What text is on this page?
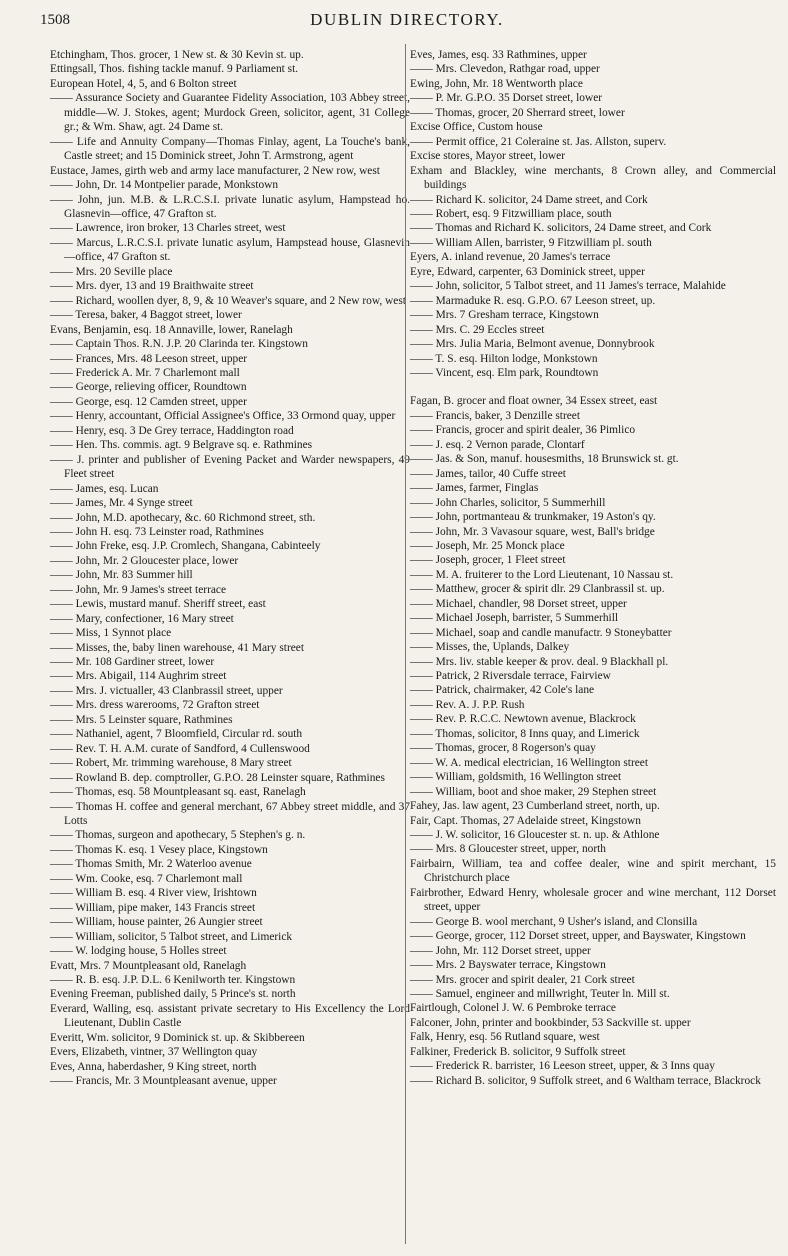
1508	DUBLIN DIRECTORY.

Etchingham, Thos. grocer, 1 New st. & 30 Kevin st. up.

Ettingsall, Thos. fishing tackle manuf. 9 Parliament st.

European Hotel, 4, 5, and 6 Bolton street

—— Assurance Society and Guarantee Fidelity Association, 103 Abbey street, middle—W. J. Stokes, agent; Murdock Green, solicitor, agent, 31 College gr.; & Wm. Shaw, agt. 24 Dame st.

—— Life and Annuity Company—Thomas Finlay, agent, La Touche's bank, Castle street; and 15 Dominick street, John T. Armstrong, agent

Eustace, James, girth web and army lace manufacturer, 2 New row, west

—— John, Dr. 14 Montpelier parade, Monkstown

—— John, jun. M.B. & L.R.C.S.I. private lunatic asylum, Hampstead ho. Glasnevin—office, 47 Grafton st.

—— Lawrence, iron broker, 13 Charles street, west

—— Marcus, L.R.C.S.I. private lunatic asylum, Hampstead house, Glasnevin—office, 47 Grafton st.

—— Mrs. 20 Seville place

—— Mrs. dyer, 13 and 19 Braithwaite street

—— Richard, woollen dyer, 8, 9, & 10 Weaver's square, and 2 New row, west

—— Teresa, baker, 4 Baggot street, lower

Evans, Benjamin, esq. 18 Annaville, lower, Ranelagh

—— Captain Thos. R.N. J.P. 20 Clarinda ter. Kingstown

—— Frances, Mrs. 48 Leeson street, upper

—— Frederick A. Mr. 7 Charlemont mall

—— George, relieving officer, Roundtown

—— George, esq. 12 Camden street, upper

—— Henry, accountant, Official Assignee's Office, 33 Ormond quay, upper

—— Henry, esq. 3 De Grey terrace, Haddington road

—— Hen. Ths. commis. agt. 9 Belgrave sq. e. Rathmines

—— J. printer and publisher of Evening Packet and Warder newspapers, 49 Fleet street

—— James, esq. Lucan

—— James, Mr. 4 Synge street

—— John, M.D. apothecary, &c. 60 Richmond street, sth.

—— John H. esq. 73 Leinster road, Rathmines

—— John Freke, esq. J.P. Cromlech, Shangana, Cabinteely

—— John, Mr. 2 Gloucester place, lower

—— John, Mr. 83 Summer hill

—— John, Mr. 9 James's street terrace

—— Lewis, mustard manuf. Sheriff street, east

—— Mary, confectioner, 16 Mary street

—— Miss, 1 Synnot place

—— Misses, the, baby linen warehouse, 41 Mary street

—— Mr. 108 Gardiner street, lower

—— Mrs. Abigail, 114 Aughrim street

—— Mrs. J. victualler, 43 Clanbrassil street, upper

—— Mrs. dress warerooms, 72 Grafton street

—— Mrs. 5 Leinster square, Rathmines

—— Nathaniel, agent, 7 Bloomfield, Circular rd. south

—— Rev. T. H. A.M. curate of Sandford, 4 Cullenswood

—— Robert, Mr. trimming warehouse, 8 Mary street

—— Rowland B. dep. comptroller, G.P.O. 28 Leinster square, Rathmines

—— Thomas, esq. 58 Mountpleasant sq. east, Ranelagh

—— Thomas H. coffee and general merchant, 67 Abbey street middle, and 37 Lotts

—— Thomas, surgeon and apothecary, 5 Stephen's g. n.

—— Thomas K. esq. 1 Vesey place, Kingstown

—— Thomas Smith, Mr. 2 Waterloo avenue

—— Wm. Cooke, esq. 7 Charlemont mall

—— William B. esq. 4 River view, Irishtown

—— William, pipe maker, 143 Francis street

—— William, house painter, 26 Aungier street

—— William, solicitor, 5 Talbot street, and Limerick

—— W. lodging house, 5 Holles street

Evatt, Mrs. 7 Mountpleasant old, Ranelagh

—— R. B. esq. J.P. D.L. 6 Kenilworth ter. Kingstown

Evening Freeman, published daily, 5 Prince's st. north

Everard, Walling, esq. assistant private secretary to His Excellency the Lord Lieutenant, Dublin Castle

Everitt, Wm. solicitor, 9 Dominick st. up. & Skibbereen

Evers, Elizabeth, vintner, 37 Wellington quay

Eves, Anna, haberdasher, 9 King street, north

—— Francis, Mr. 3 Mountpleasant avenue, upper

Eves, James, esq. 33 Rathmines, upper

—— Mrs. Clevedon, Rathgar road, upper

Ewing, John, Mr. 18 Wentworth place

—— P. Mr. G.P.O. 35 Dorset street, lower

—— Thomas, grocer, 20 Sherrard street, lower

Excise Office, Custom house

—— Permit office, 21 Coleraine st. Jas. Allston, superv.

Excise stores, Mayor street, lower

Exham and Blackley, wine merchants, 8 Crown alley, and Commercial buildings

—— Richard K. solicitor, 24 Dame street, and Cork

—— Robert, esq. 9 Fitzwilliam place, south

—— Thomas and Richard K. solicitors, 24 Dame street, and Cork

—— William Allen, barrister, 9 Fitzwilliam pl. south

Eyers, A. inland revenue, 20 James's terrace

Eyre, Edward, carpenter, 63 Dominick street, upper

—— John, solicitor, 5 Talbot street, and 11 James's terrace, Malahide

—— Marmaduke R. esq. G.P.O. 67 Leeson street, up.

—— Mrs. 7 Gresham terrace, Kingstown

—— Mrs. C. 29 Eccles street

—— Mrs. Julia Maria, Belmont avenue, Donnybrook

—— T. S. esq. Hilton lodge, Monkstown

—— Vincent, esq. Elm park, Roundtown

Fagan, B. grocer and float owner, 34 Essex street, east

—— Francis, baker, 3 Denzille street

—— Francis, grocer and spirit dealer, 36 Pimlico

—— J. esq. 2 Vernon parade, Clontarf

—— Jas. & Son, manuf. housesmiths, 18 Brunswick st. gt.

—— James, tailor, 40 Cuffe street

—— James, farmer, Finglas

—— John Charles, solicitor, 5 Summerhill

—— John, portmanteau & trunkmaker, 19 Aston's qy.

—— John, Mr. 3 Vavasour square, west, Ball's bridge

—— Joseph, Mr. 25 Monck place

—— Joseph, grocer, 1 Fleet street

—— M. A. fruiterer to the Lord Lieutenant, 10 Nassau st.

—— Matthew, grocer & spirit dlr. 29 Clanbrassil st. up.

—— Michael, chandler, 98 Dorset street, upper

—— Michael Joseph, barrister, 5 Summerhill

—— Michael, soap and candle manufactr. 9 Stoneybatter

—— Misses, the, Uplands, Dalkey

—— Mrs. liv. stable keeper & prov. deal. 9 Blackhall pl.

—— Patrick, 2 Riversdale terrace, Fairview

—— Patrick, chairmaker, 42 Cole's lane

—— Rev. A. J. P.P. Rush

—— Rev. P. R.C.C. Newtown avenue, Blackrock

—— Thomas, solicitor, 8 Inns quay, and Limerick

—— Thomas, grocer, 8 Rogerson's quay

—— W. A. medical electrician, 16 Wellington street

—— William, goldsmith, 16 Wellington street

—— William, boot and shoe maker, 29 Stephen street

Fahey, Jas. law agent, 23 Cumberland street, north, up.

Fair, Capt. Thomas, 27 Adelaide street, Kingstown

—— J. W. solicitor, 16 Gloucester st. n. up. & Athlone

—— Mrs. 8 Gloucester street, upper, north

Fairbairn, William, tea and coffee dealer, wine and spirit merchant, 15 Christchurch place

Fairbrother, Edward Henry, wholesale grocer and wine merchant, 112 Dorset street, upper

—— George B. wool merchant, 9 Usher's island, and Clonsilla

—— George, grocer, 112 Dorset street, upper, and Bayswater, Kingstown

—— John, Mr. 112 Dorset street, upper

—— Mrs. 2 Bayswater terrace, Kingstown

—— Mrs. grocer and spirit dealer, 21 Cork street

—— Samuel, engineer and millwright, Teuter ln. Mill st.

Fairtlough, Colonel J. W. 6 Pembroke terrace

Falconer, John, printer and bookbinder, 53 Sackville st. upper

Falk, Henry, esq. 56 Rutland square, west

Falkiner, Frederick B. solicitor, 9 Suffolk street

—— Frederick R. barrister, 16 Leeson street, upper, & 3 Inns quay

—— Richard B. solicitor, 9 Suffolk street, and 6 Waltham terrace, Blackrock
